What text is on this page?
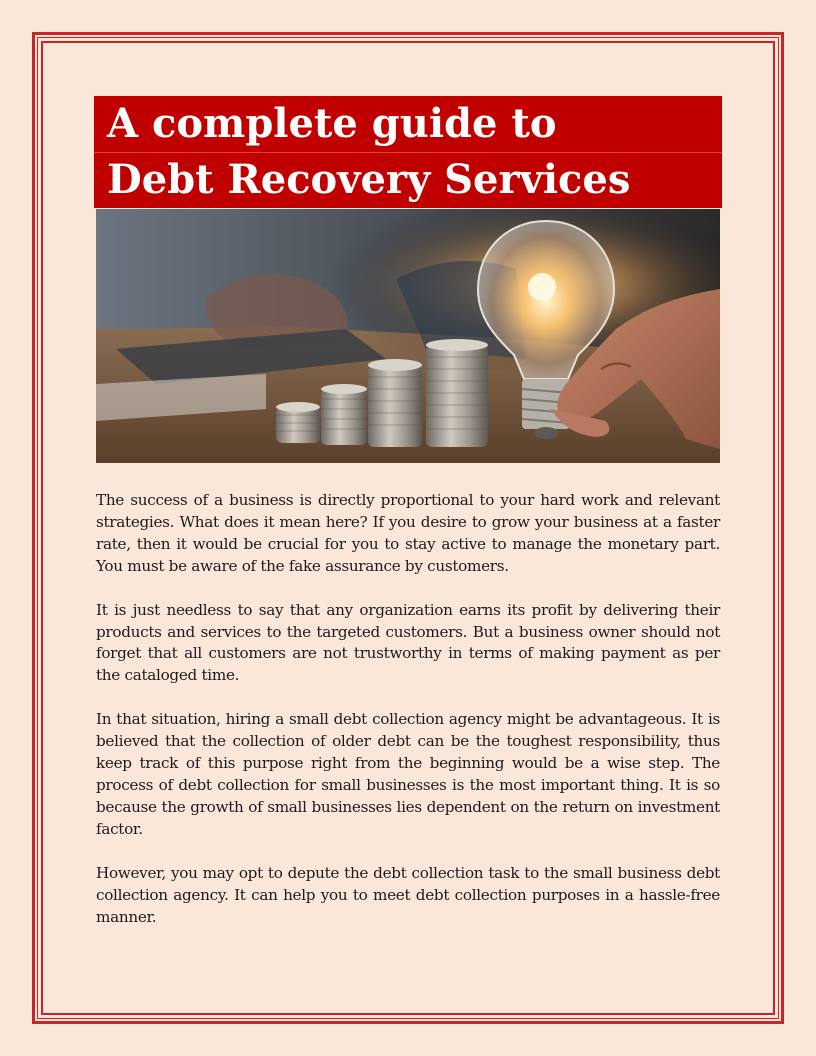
A complete guide to
Debt Recovery Services

The success of a business is directly proportional to your hard work and relevant strategies. What does it mean here? If you desire to grow your business at a faster rate, then it would be crucial for you to stay active to manage the monetary part. You must be aware of the fake assurance by customers.

It is just needless to say that any organization earns its profit by delivering their products and services to the targeted customers. But a business owner should not forget that all customers are not trustworthy in terms of making payment as per the cataloged time.

In that situation, hiring a small debt collection agency might be advantageous. It is believed that the collection of older debt can be the toughest responsibility, thus keep track of this purpose right from the beginning would be a wise step. The process of debt collection for small businesses is the most important thing. It is so because the growth of small businesses lies dependent on the return on investment factor.

However, you may opt to depute the debt collection task to the small business debt collection agency. It can help you to meet debt collection purposes in a hassle-free manner.
